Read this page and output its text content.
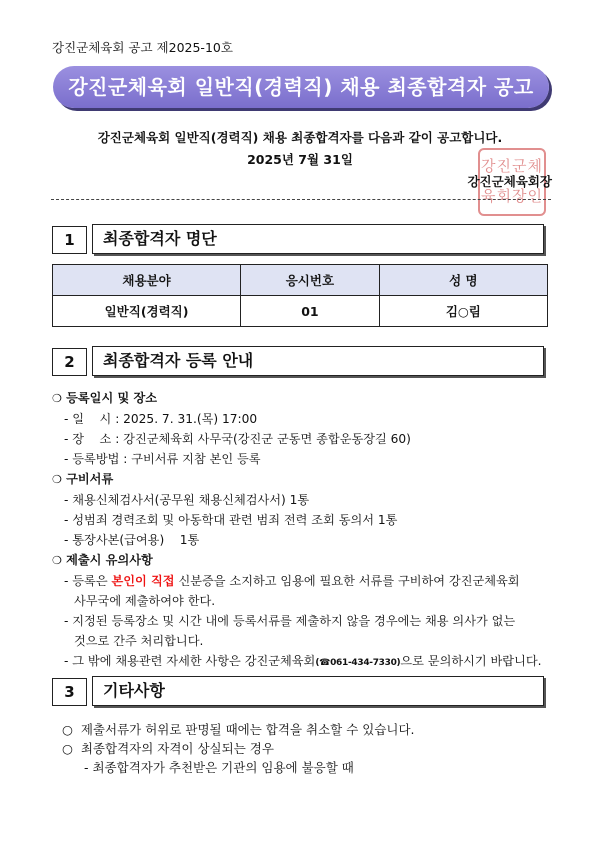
강진군체육회 공고 제2025-10호
강진군체육회 일반직(경력직) 채용 최종합격자 공고
강진군체육회 일반직(경력직) 채용 최종합격자를 다음과 같이 공고합니다.
2025년 7월 31일	강진군체
육회장인
강진군체육회장
1	최종합격자 명단
채용분야	응시번호	성 명
일반직(경력직)	01	김○림
2	최종합격자 등록 안내
❍ 등록일시 및 장소
- 일    시 : 2025. 7. 31.(목) 17:00
- 장    소 : 강진군체육회 사무국(강진군 군동면 종합운동장길 60)
- 등록방법 : 구비서류 지참 본인 등록
❍ 구비서류
- 채용신체검사서(공무원 채용신체검사서) 1통
- 성범죄 경력조회 및 아동학대 관련 범죄 전력 조회 동의서 1통
- 통장사본(급여용)    1통
❍ 제출시 유의사항
- 등록은 본인이 직접 신분증을 소지하고 임용에 필요한 서류를 구비하여 강진군체육회
사무국에 제출하여야 한다.
- 지정된 등록장소 및 시간 내에 등록서류를 제출하지 않을 경우에는 채용 의사가 없는
것으로 간주 처리합니다.
- 그 밖에 채용관련 자세한 사항은 강진군체육회(☎061-434-7330)으로 문의하시기 바랍니다.
3	기타사항
○  제출서류가 허위로 판명될 때에는 합격을 취소할 수 있습니다.
○  최종합격자의 자격이 상실되는 경우
- 최종합격자가 추천받은 기관의 임용에 불응할 때
